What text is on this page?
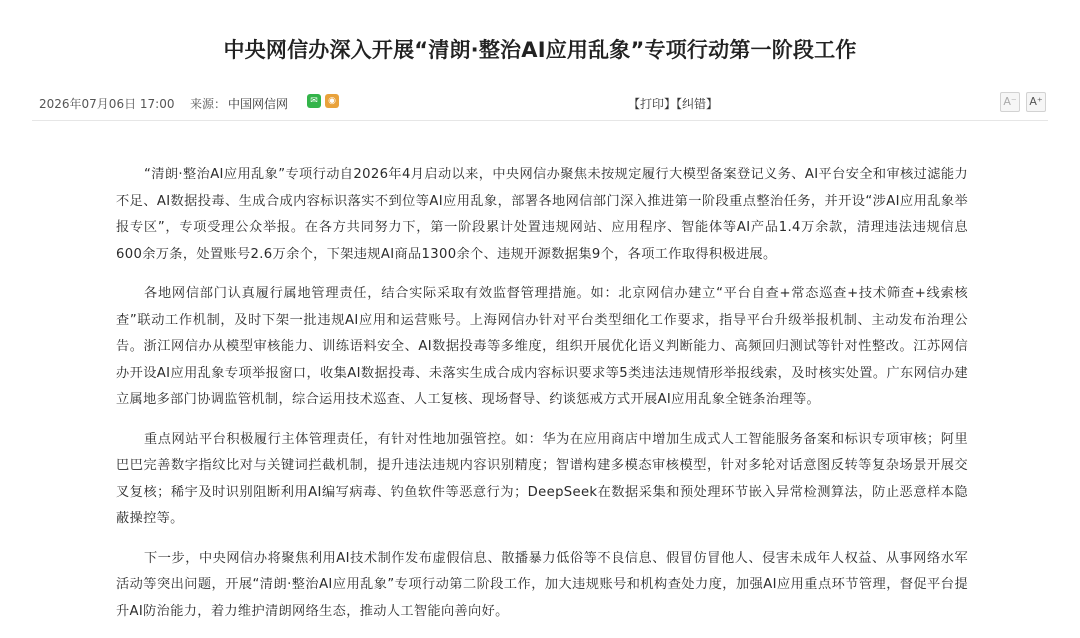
中央网信办深入开展“清朗·整治AI应用乱象”专项行动第一阶段工作
2026年07月06日 17:00 来源： 中国网信网	✉	◉	【打印】【纠错】	A⁻	A⁺

“清朗·整治AI应用乱象”专项行动自2026年4月启动以来，中央网信办聚焦未按规定履行大模型备案登记义务、AI平台安全和审核过滤能力不足、AI数据投毒、生成合成内容标识落实不到位等AI应用乱象，部署各地网信部门深入推进第一阶段重点整治任务，并开设“涉AI应用乱象举报专区”，专项受理公众举报。在各方共同努力下，第一阶段累计处置违规网站、应用程序、智能体等AI产品1.4万余款，清理违法违规信息600余万条，处置账号2.6万余个，下架违规AI商品1300余个、违规开源数据集9个，各项工作取得积极进展。

各地网信部门认真履行属地管理责任，结合实际采取有效监督管理措施。如：北京网信办建立“平台自查+常态巡查+技术筛查+线索核查”联动工作机制，及时下架一批违规AI应用和运营账号。上海网信办针对平台类型细化工作要求，指导平台升级举报机制、主动发布治理公告。浙江网信办从模型审核能力、训练语料安全、AI数据投毒等多维度，组织开展优化语义判断能力、高频回归测试等针对性整改。江苏网信办开设AI应用乱象专项举报窗口，收集AI数据投毒、未落实生成合成内容标识要求等5类违法违规情形举报线索，及时核实处置。广东网信办建立属地多部门协调监管机制，综合运用技术巡查、人工复核、现场督导、约谈惩戒方式开展AI应用乱象全链条治理等。

重点网站平台积极履行主体管理责任，有针对性地加强管控。如：华为在应用商店中增加生成式人工智能服务备案和标识专项审核；阿里巴巴完善数字指纹比对与关键词拦截机制，提升违法违规内容识别精度；智谱构建多模态审核模型，针对多轮对话意图反转等复杂场景开展交叉复核；稀宇及时识别阻断利用AI编写病毒、钓鱼软件等恶意行为；DeepSeek在数据采集和预处理环节嵌入异常检测算法，防止恶意样本隐蔽操控等。

下一步，中央网信办将聚焦利用AI技术制作发布虚假信息、散播暴力低俗等不良信息、假冒仿冒他人、侵害未成年人权益、从事网络水军活动等突出问题，开展“清朗·整治AI应用乱象”专项行动第二阶段工作，加大违规账号和机构查处力度，加强AI应用重点环节管理，督促平台提升AI防治能力，着力维护清朗网络生态，推动人工智能向善向好。
